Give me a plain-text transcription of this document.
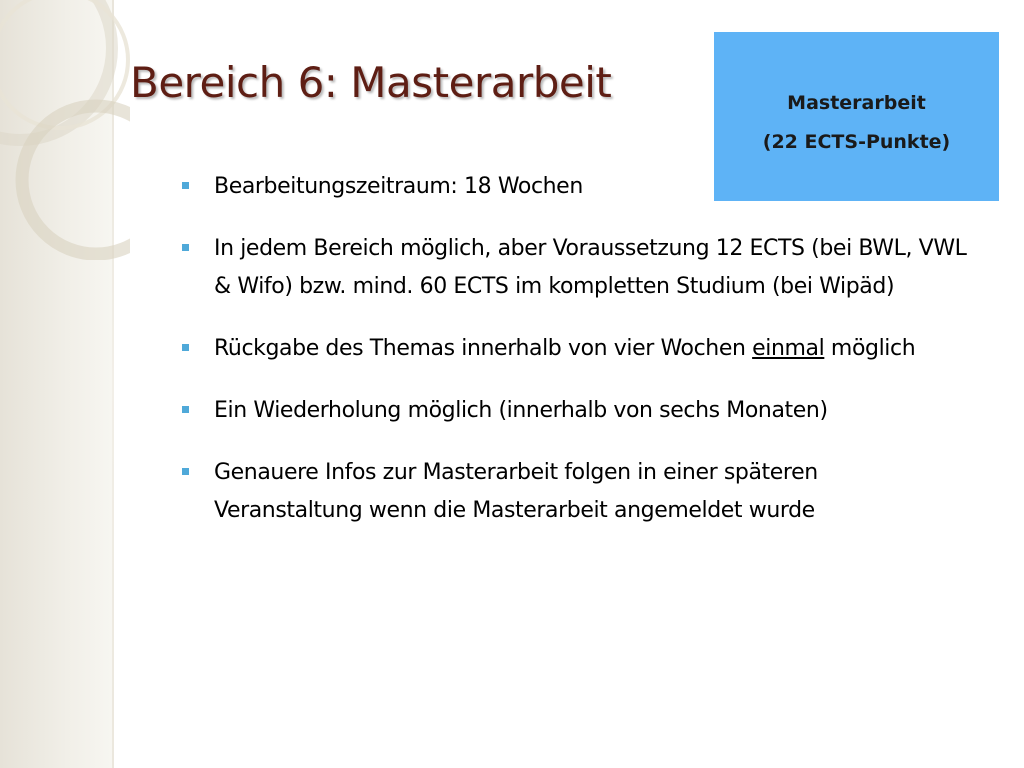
Bereich 6: Masterarbeit	Masterarbeit
(22 ECTS-Punkte)
Bearbeitungszeitraum: 18 Wochen
In jedem Bereich möglich, aber Voraussetzung 12 ECTS (bei BWL, VWL & Wifo) bzw. mind. 60 ECTS im kompletten Studium (bei Wipäd)
Rückgabe des Themas innerhalb von vier Wochen einmal möglich
Ein Wiederholung möglich (innerhalb von sechs Monaten)
Genauere Infos zur Masterarbeit folgen in einer späteren Veranstaltung wenn die Masterarbeit angemeldet wurde
